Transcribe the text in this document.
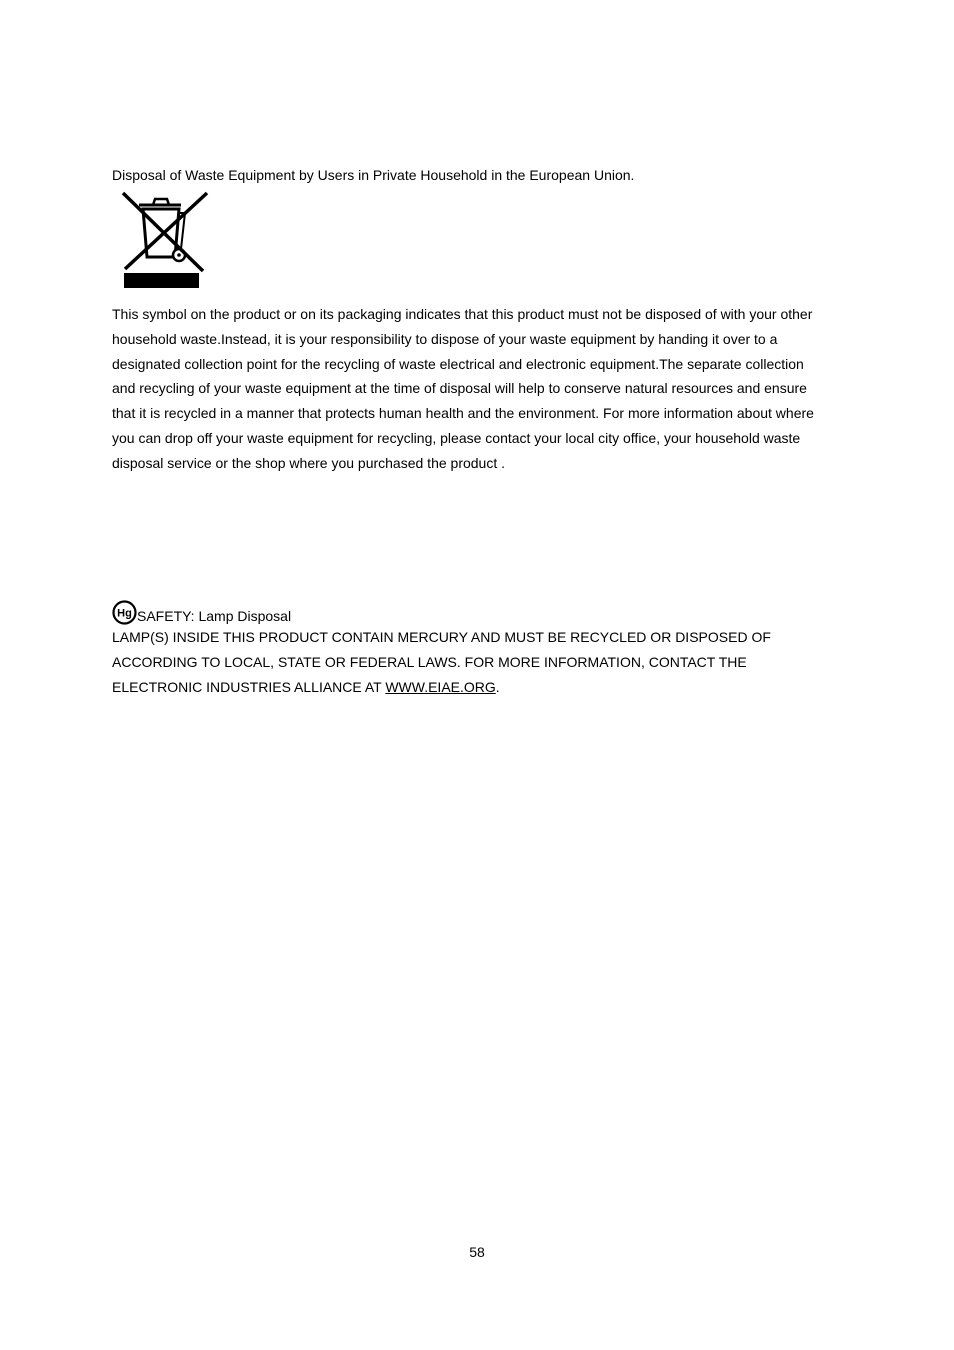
Disposal of Waste Equipment by Users in Private Household in the European Union.
This symbol on the product or on its packaging indicates that this product must not be disposed of with your other
household waste.Instead, it is your responsibility to dispose of your waste equipment by handing it over to a
designated collection point for the recycling of waste electrical and electronic equipment.The separate collection
and recycling of your waste equipment at the time of disposal will help to conserve natural resources and ensure
that it is recycled in a manner that protects human health and the environment. For more information about where
you can drop off your waste equipment for recycling, please contact your local city office, your household waste
disposal service or the shop where you purchased the product .
Hg SAFETY: Lamp Disposal
LAMP(S) INSIDE THIS PRODUCT CONTAIN MERCURY AND MUST BE RECYCLED OR DISPOSED OF
ACCORDING TO LOCAL, STATE OR FEDERAL LAWS. FOR MORE INFORMATION, CONTACT THE
ELECTRONIC INDUSTRIES ALLIANCE AT WWW.EIAE.ORG.
58
